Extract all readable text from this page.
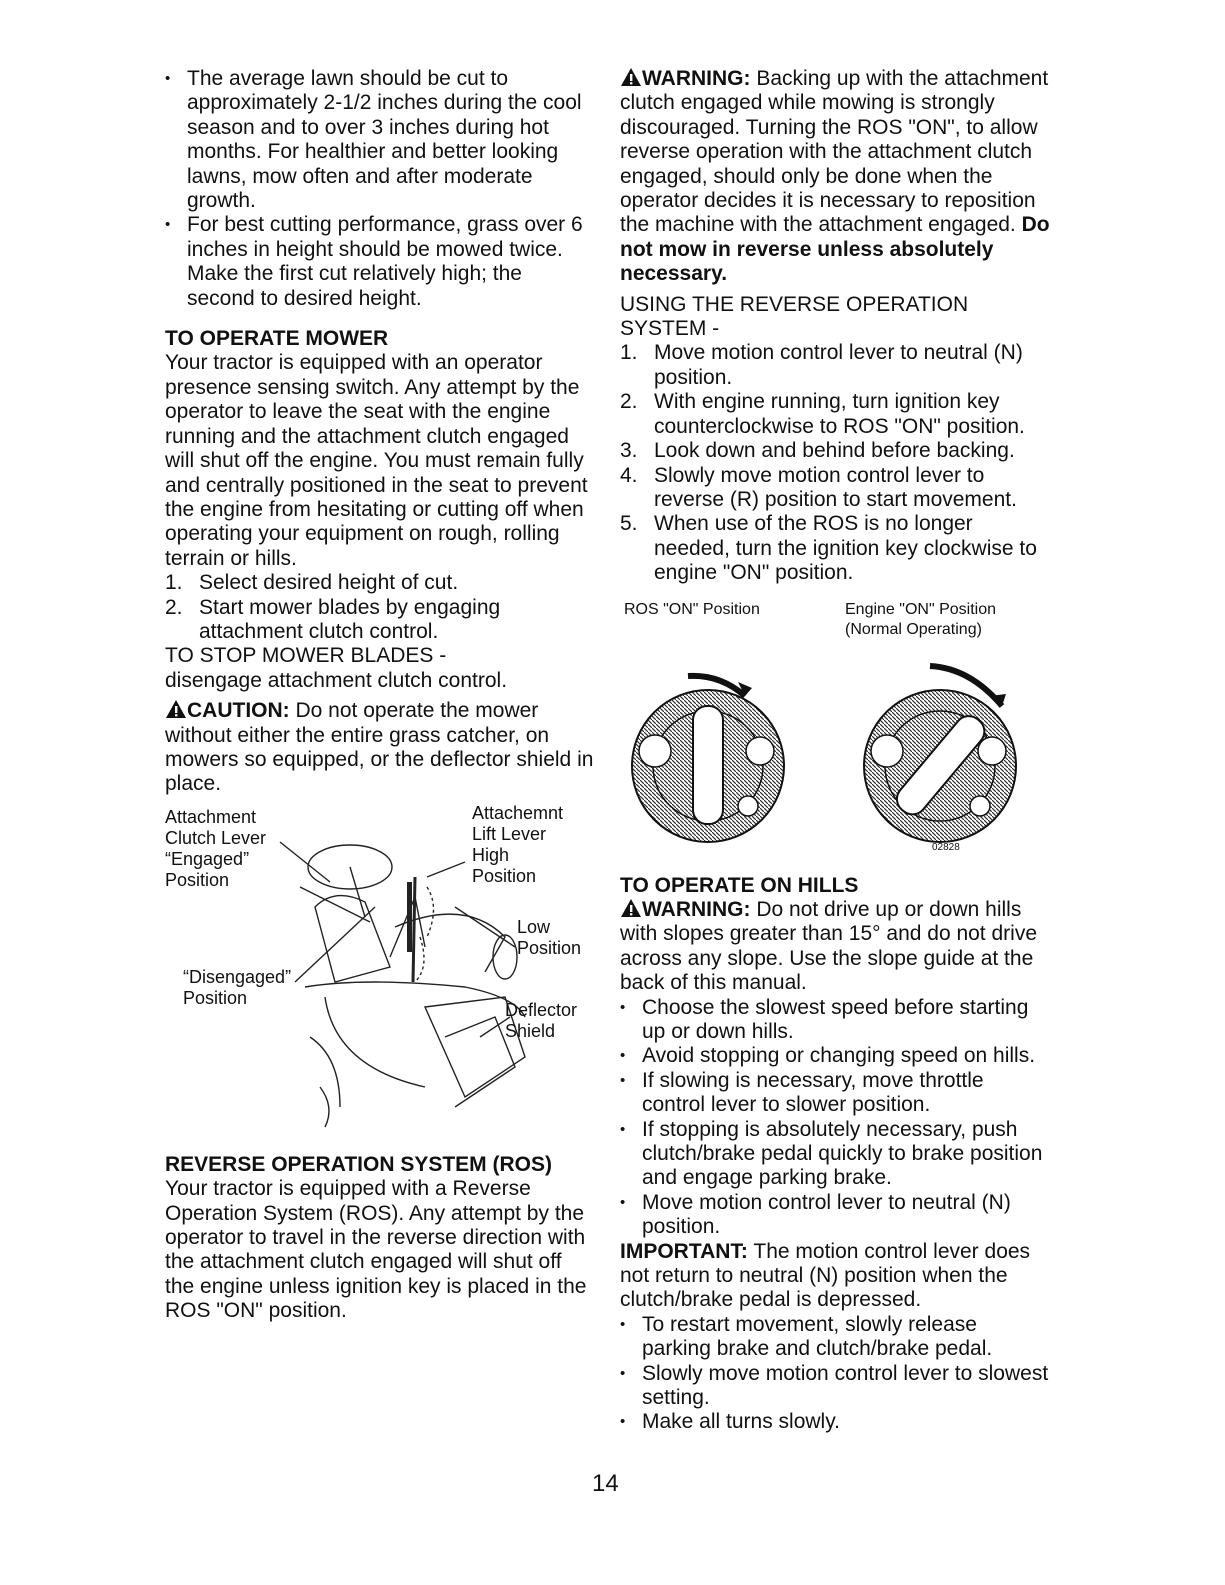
• The average lawn should be cut to approximately 2-1/2 inches during the cool season and to over 3 inches during hot months. For healthier and better looking lawns, mow often and after moderate growth.

• For best cutting performance, grass over 6 inches in height should be mowed twice. Make the first cut relatively high; the second to desired height.

TO OPERATE MOWER

Your tractor is equipped with an operator presence sensing switch. Any attempt by the operator to leave the seat with the engine running and the attachment clutch engaged will shut off the engine. You must remain fully and centrally positioned in the seat to prevent the engine from hesitating or cutting off when operating your equipment on rough, rolling terrain or hills.

1. Select desired height of cut.

2. Start mower blades by engaging attachment clutch control.

TO STOP MOWER BLADES -

disengage attachment clutch control.

CAUTION: Do not operate the mower without either the entire grass catcher, on mowers so equipped, or the deflector shield in place.

Attachment
Clutch Lever
“Engaged”
Position
Attachemnt
Lift Lever
High
Position
Low
Position
“Disengaged”
Position
Deflector
Shield

REVERSE OPERATION SYSTEM (ROS)

Your tractor is equipped with a Reverse Operation System (ROS). Any attempt by the operator to travel in the reverse direction with the attachment clutch engaged will shut off the engine unless ignition key is placed in the ROS "ON" position.

WARNING: Backing up with the attachment clutch engaged while mowing is strongly discouraged. Turning the ROS "ON", to allow reverse operation with the attachment clutch engaged, should only be done when the operator decides it is necessary to reposition the machine with the attachment engaged. Do not mow in reverse unless absolutely necessary.

USING THE REVERSE OPERATION SYSTEM -

1. Move motion control lever to neutral (N) position.

2. With engine running, turn ignition key counterclockwise to ROS "ON" position.

3. Look down and behind before backing.

4. Slowly move motion control lever to reverse (R) position to start movement.

5. When use of the ROS is no longer needed, turn the ignition key clockwise to engine "ON" position.

ROS "ON" Position	Engine "ON" Position
(Normal Operating)
02828

TO OPERATE ON HILLS

WARNING: Do not drive up or down hills with slopes greater than 15° and do not drive across any slope. Use the slope guide at the back of this manual.

• Choose the slowest speed before starting up or down hills.

• Avoid stopping or changing speed on hills.

• If slowing is necessary, move throttle control lever to slower position.

• If stopping is absolutely necessary, push clutch/brake pedal quickly to brake position and engage parking brake.

• Move motion control lever to neutral (N) position.

IMPORTANT: The motion control lever does not return to neutral (N) position when the clutch/brake pedal is depressed.

• To restart movement, slowly release parking brake and clutch/brake pedal.

• Slowly move motion control lever to slowest setting.

• Make all turns slowly.

14
